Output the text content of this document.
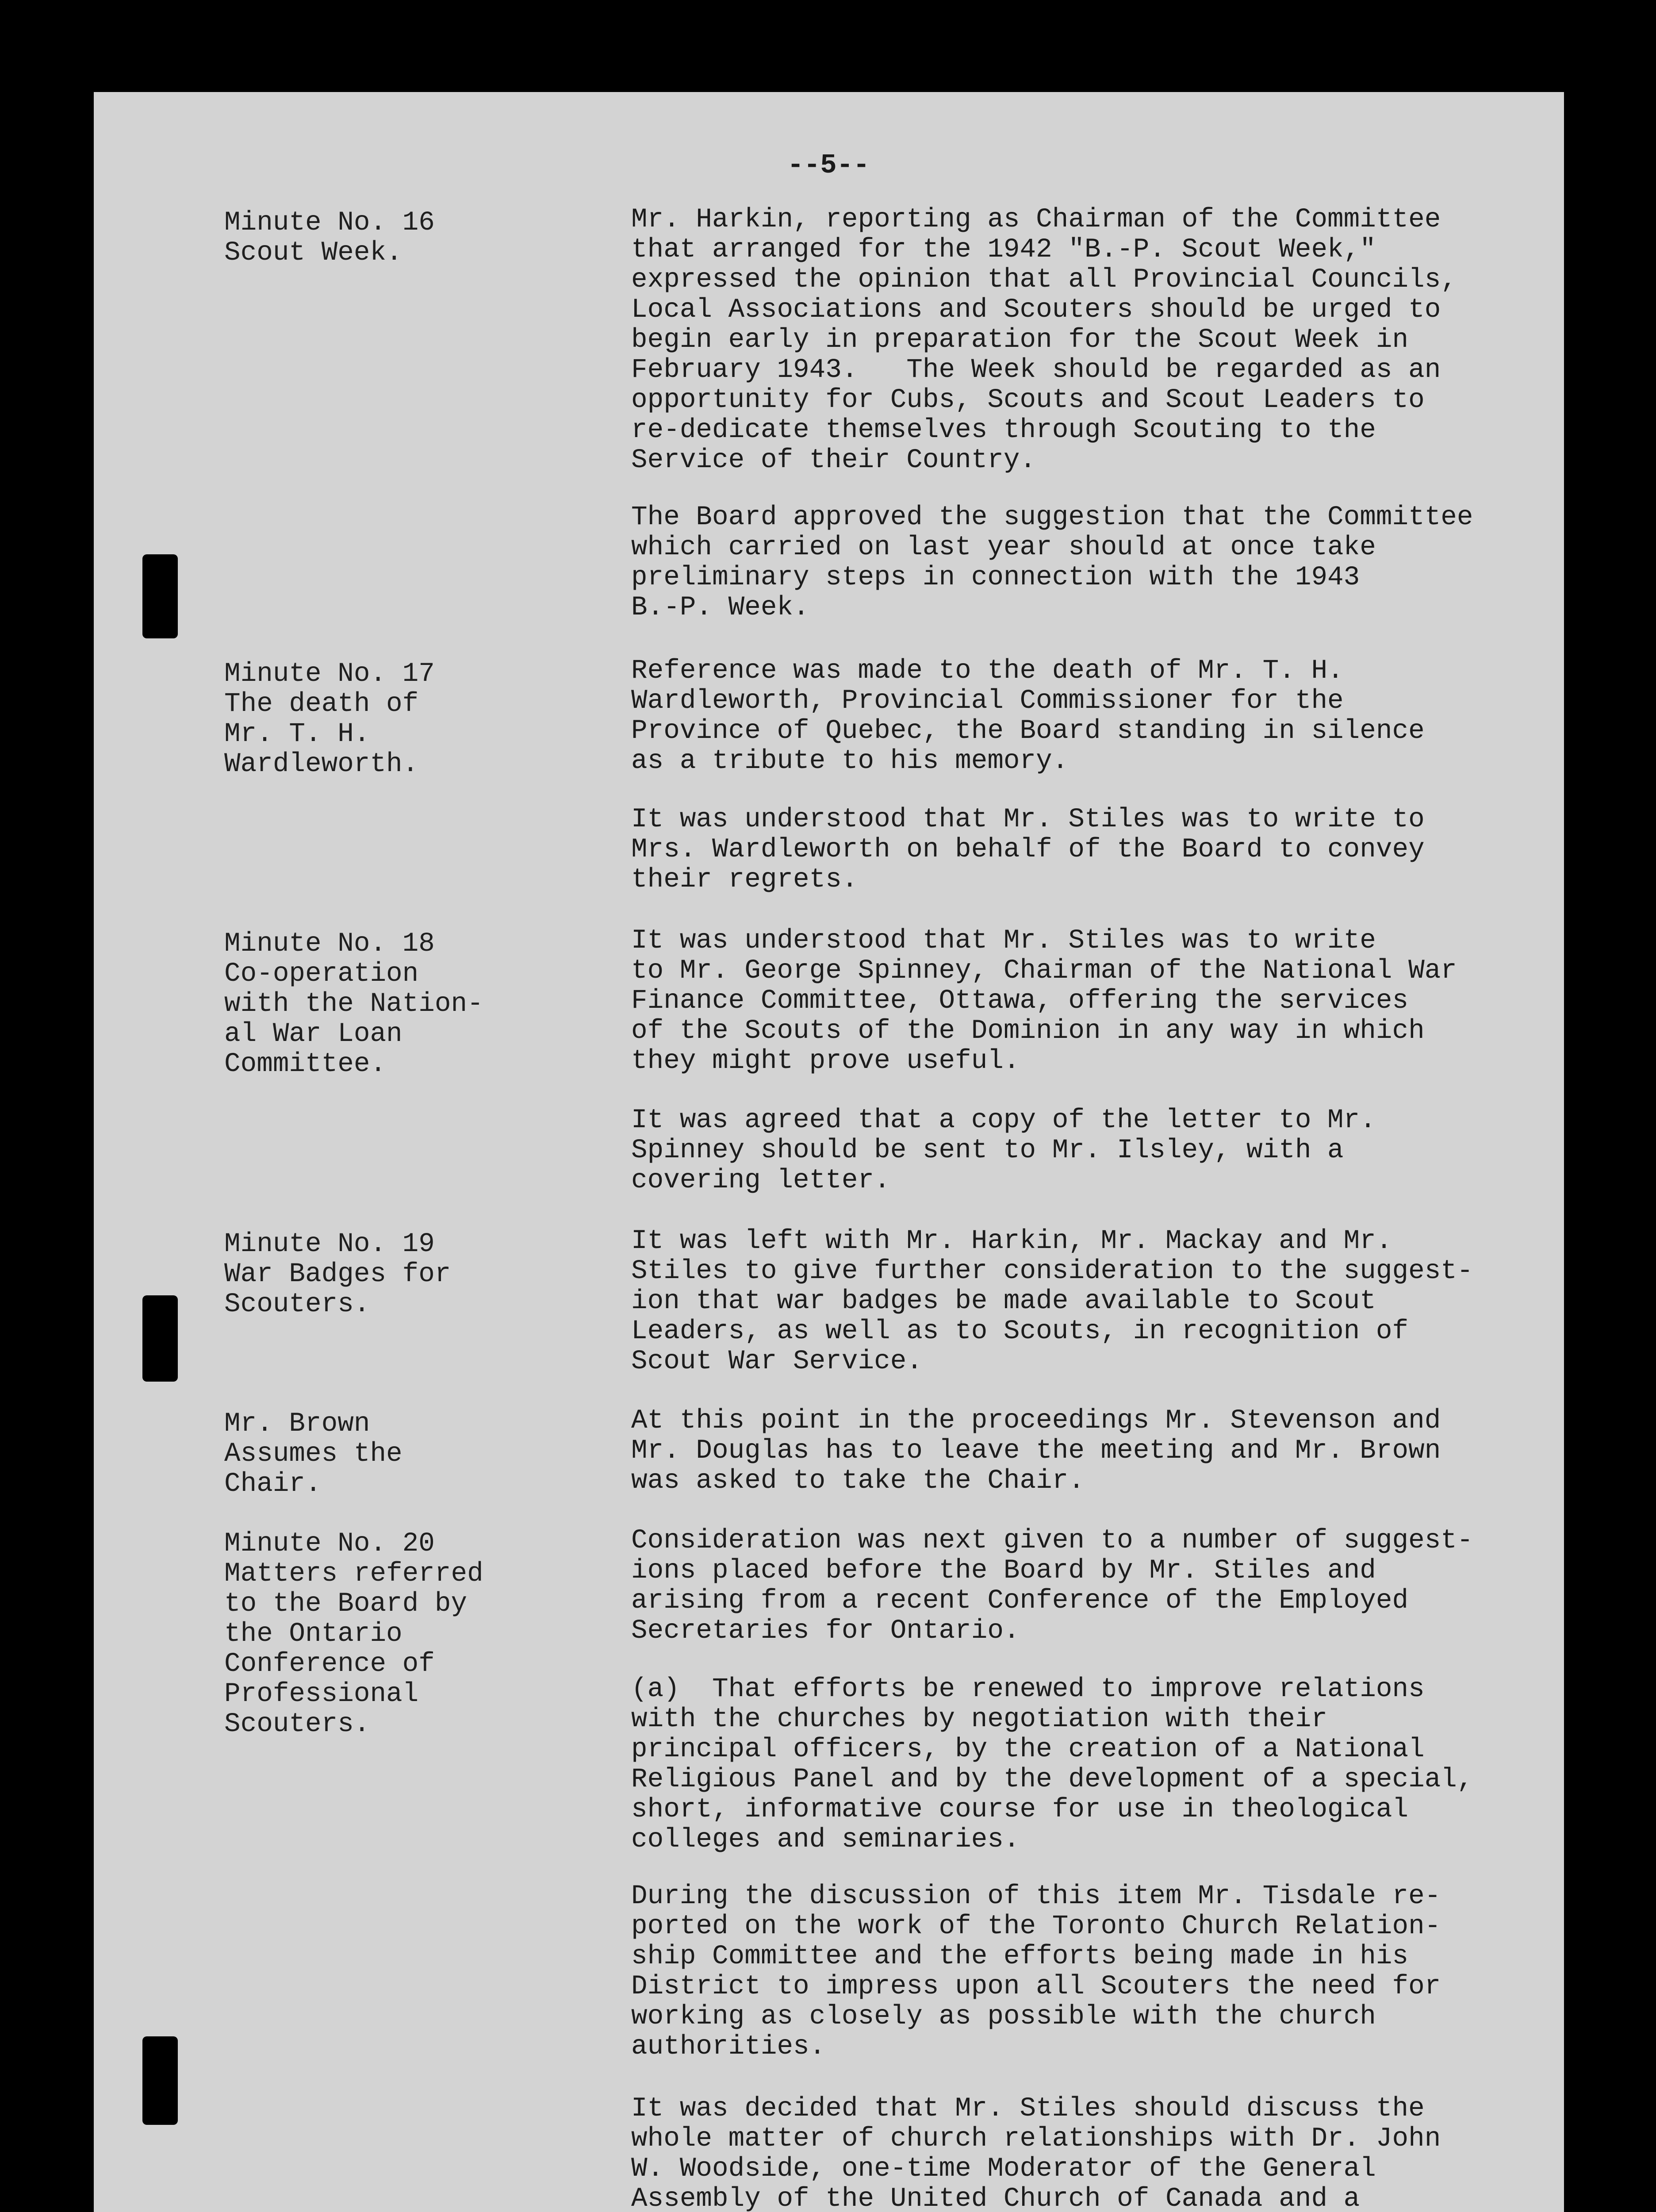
--5--
Minute No. 16
Scout Week.
Mr. Harkin, reporting as Chairman of the Committee
that arranged for the 1942 "B.-P. Scout Week,"
expressed the opinion that all Provincial Councils,
Local Associations and Scouters should be urged to
begin early in preparation for the Scout Week in
February 1943.   The Week should be regarded as an
opportunity for Cubs, Scouts and Scout Leaders to
re-dedicate themselves through Scouting to the
Service of their Country.
The Board approved the suggestion that the Committee
which carried on last year should at once take
preliminary steps in connection with the 1943
B.-P. Week.
Minute No. 17
The death of
Mr. T. H.
Wardleworth.
Reference was made to the death of Mr. T. H.
Wardleworth, Provincial Commissioner for the
Province of Quebec, the Board standing in silence
as a tribute to his memory.
It was understood that Mr. Stiles was to write to
Mrs. Wardleworth on behalf of the Board to convey
their regrets.
Minute No. 18
Co-operation
with the Nation-
al War Loan
Committee.
It was understood that Mr. Stiles was to write
to Mr. George Spinney, Chairman of the National War
Finance Committee, Ottawa, offering the services
of the Scouts of the Dominion in any way in which
they might prove useful.
It was agreed that a copy of the letter to Mr.
Spinney should be sent to Mr. Ilsley, with a
covering letter.
Minute No. 19
War Badges for
Scouters.
It was left with Mr. Harkin, Mr. Mackay and Mr.
Stiles to give further consideration to the suggest-
ion that war badges be made available to Scout
Leaders, as well as to Scouts, in recognition of
Scout War Service.
Mr. Brown
Assumes the
Chair.
At this point in the proceedings Mr. Stevenson and
Mr. Douglas has to leave the meeting and Mr. Brown
was asked to take the Chair.
Minute No. 20
Matters referred
to the Board by
the Ontario
Conference of
Professional
Scouters.
Consideration was next given to a number of suggest-
ions placed before the Board by Mr. Stiles and
arising from a recent Conference of the Employed
Secretaries for Ontario.
(a)  That efforts be renewed to improve relations
with the churches by negotiation with their
principal officers, by the creation of a National
Religious Panel and by the development of a special,
short, informative course for use in theological
colleges and seminaries.
During the discussion of this item Mr. Tisdale re-
ported on the work of the Toronto Church Relation-
ship Committee and the efforts being made in his
District to impress upon all Scouters the need for
working as closely as possible with the church
authorities.
It was decided that Mr. Stiles should discuss the
whole matter of church relationships with Dr. John
W. Woodside, one-time Moderator of the General
Assembly of the United Church of Canada and a
